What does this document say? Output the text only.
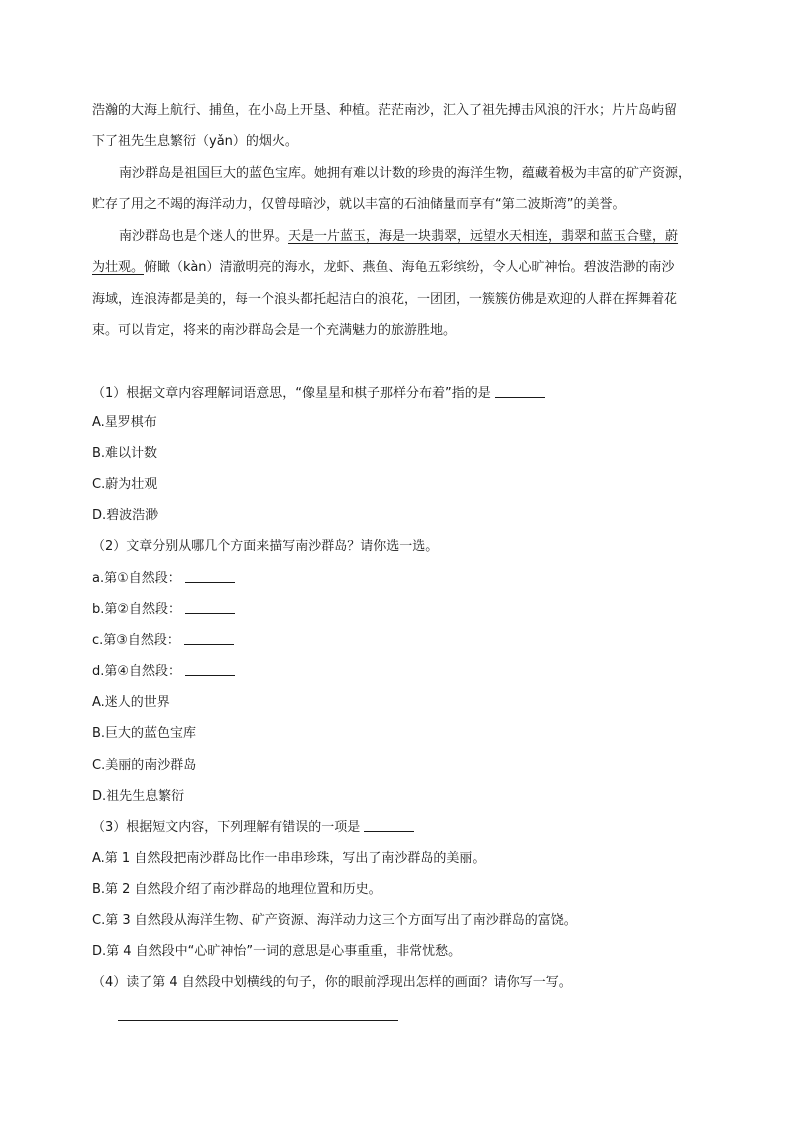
浩瀚的大海上航行、捕鱼，在小岛上开垦、种植。茫茫南沙，汇入了祖先搏击风浪的汗水；片片岛屿留
下了祖先生息繁衍（yǎn）的烟火。
南沙群岛是祖国巨大的蓝色宝库。她拥有难以计数的珍贵的海洋生物，蕴藏着极为丰富的矿产资源，
贮存了用之不竭的海洋动力，仅曾母暗沙，就以丰富的石油储量而享有“第二波斯湾”的美誉。
南沙群岛也是个迷人的世界。天是一片蓝玉，海是一块翡翠，远望水天相连，翡翠和蓝玉合璧，蔚
为壮观。俯瞰（kàn）清澈明亮的海水，龙虾、燕鱼、海龟五彩缤纷，令人心旷神怡。碧波浩渺的南沙
海域，连浪涛都是美的，每一个浪头都托起洁白的浪花，一团团，一簇簇仿佛是欢迎的人群在挥舞着花
束。可以肯定，将来的南沙群岛会是一个充满魅力的旅游胜地。
（1）根据文章内容理解词语意思，“像星星和棋子那样分布着”指的是
A.星罗棋布
B.难以计数
C.蔚为壮观
D.碧波浩渺
（2）文章分别从哪几个方面来描写南沙群岛？请你选一选。
a.第①自然段：
b.第②自然段：
c.第③自然段：
d.第④自然段：
A.迷人的世界
B.巨大的蓝色宝库
C.美丽的南沙群岛
D.祖先生息繁衍
（3）根据短文内容，下列理解有错误的一项是
A.第 1 自然段把南沙群岛比作一串串珍珠，写出了南沙群岛的美丽。
B.第 2 自然段介绍了南沙群岛的地理位置和历史。
C.第 3 自然段从海洋生物、矿产资源、海洋动力这三个方面写出了南沙群岛的富饶。
D.第 4 自然段中“心旷神怡”一词的意思是心事重重，非常忧愁。
（4）读了第 4 自然段中划横线的句子，你的眼前浮现出怎样的画面？请你写一写。
